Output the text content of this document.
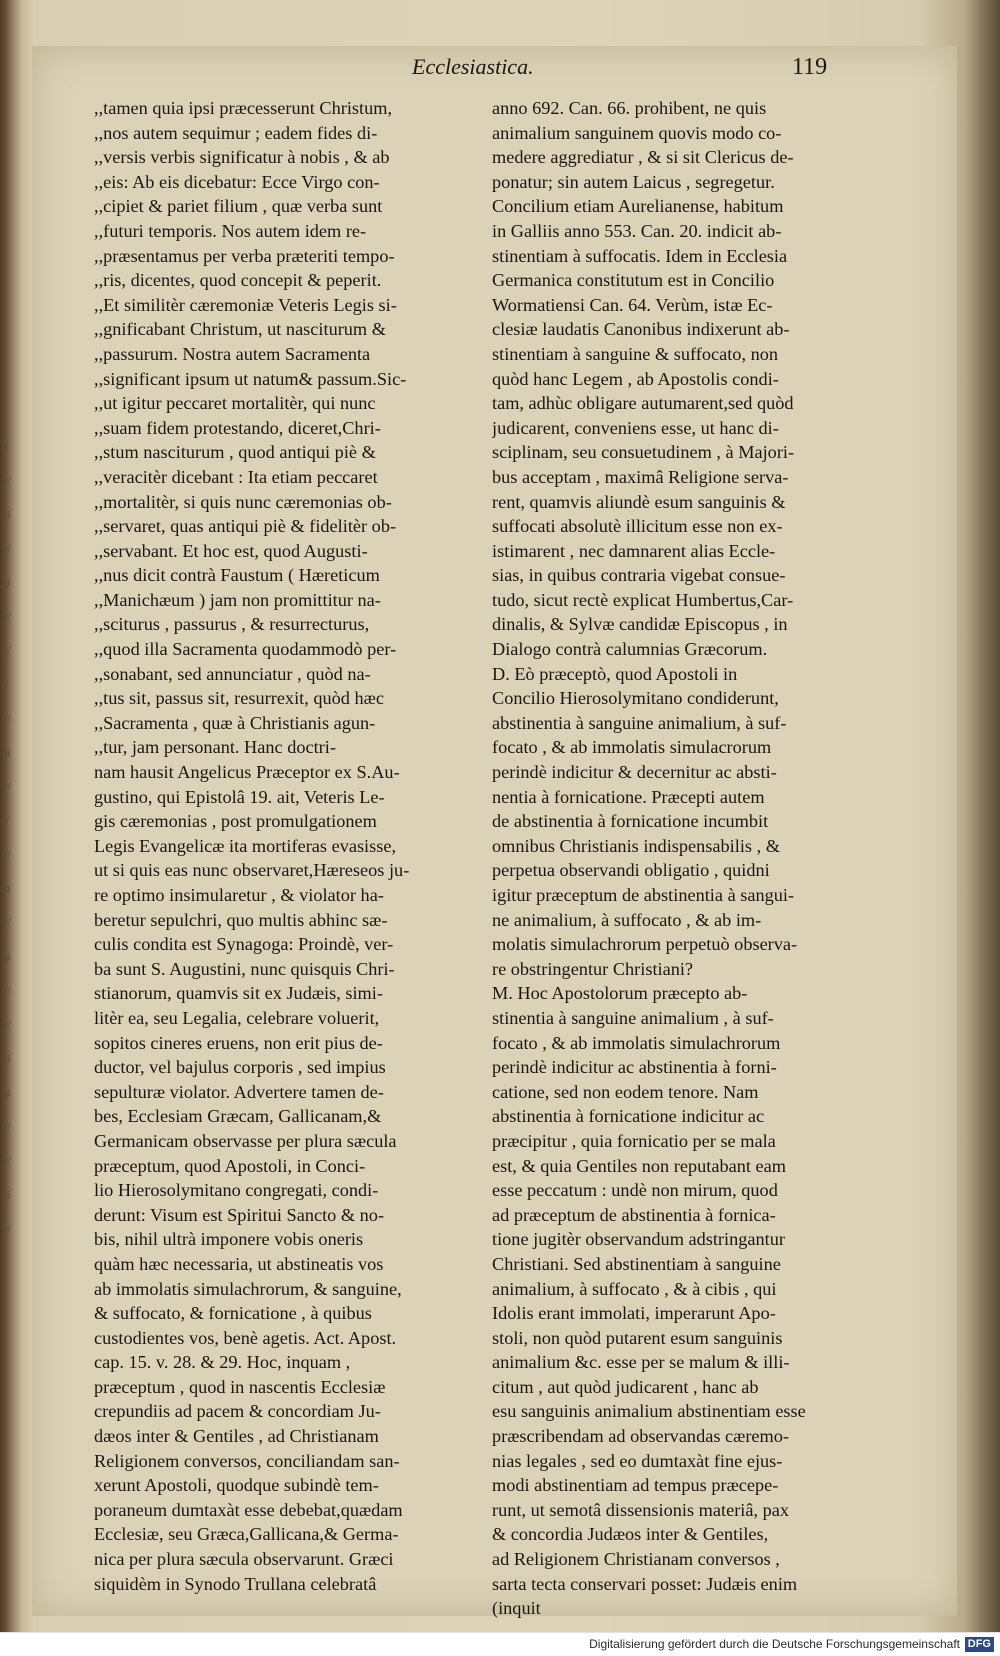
ti y/ gi y/ gi y/ g/ i/ y/ gi y/ f/ y/ zi y/ gi y/ y/ gi gi y/ y/ gi y/
Ecclesiastica.	119
,,tamen quia ipsi præcesserunt Christum,
,,nos autem sequimur ; eadem fides di-
,,versis verbis significatur à nobis , & ab
,,eis: Ab eis dicebatur: Ecce Virgo con-
,,cipiet & pariet filium , quæ verba sunt
,,futuri temporis. Nos autem idem re-
,,præsentamus per verba præteriti tempo-
,,ris, dicentes, quod concepit & peperit.
,,Et similitèr cæremoniæ Veteris Legis si-
,,gnificabant Christum, ut nasciturum &
,,passurum. Nostra autem Sacramenta
,,significant ipsum ut natum& passum.Sic-
,,ut igitur peccaret mortalitèr, qui nunc
,,suam fidem protestando, diceret,Chri-
,,stum nasciturum , quod antiqui piè &
,,veracitèr dicebant : Ita etiam peccaret
,,mortalitèr, si quis nunc cæremonias ob-
,,servaret, quas antiqui piè & fidelitèr ob-
,,servabant. Et hoc est, quod Augusti-
,,nus dicit contrà Faustum ( Hæreticum
,,Manichæum ) jam non promittitur na-
,,sciturus , passurus , & resurrecturus,
,,quod illa Sacramenta quodammodò per-
,,sonabant, sed annunciatur , quòd na-
,,tus sit, passus sit, resurrexit, quòd hæc
,,Sacramenta , quæ à Christianis agun-
,,tur, jam personant. Hanc doctri-
nam hausit Angelicus Præceptor ex S.Au-
gustino, qui Epistolâ 19. ait, Veteris Le-
gis cæremonias , post promulgationem
Legis Evangelicæ ita mortiferas evasisse,
ut si quis eas nunc observaret,Hæreseos ju-
re optimo insimularetur , & violator ha-
beretur sepulchri, quo multis abhinc sæ-
culis condita est Synagoga: Proindè, ver-
ba sunt S. Augustini, nunc quisquis Chri-
stianorum, quamvis sit ex Judæis, simi-
litèr ea, seu Legalia, celebrare voluerit,
sopitos cineres eruens, non erit pius de-
ductor, vel bajulus corporis , sed impius
sepulturæ violator. Advertere tamen de-
bes, Ecclesiam Græcam, Gallicanam,&
Germanicam observasse per plura sæcula
præceptum, quod Apostoli, in Conci-
lio Hierosolymitano congregati, condi-
derunt: Visum est Spiritui Sancto & no-
bis, nihil ultrà imponere vobis oneris
quàm hæc necessaria, ut abstineatis vos
ab immolatis simulachrorum, & sanguine,
& suffocato, & fornicatione , à quibus
custodientes vos, benè agetis. Act. Apost.
cap. 15. v. 28. & 29. Hoc, inquam ,
præceptum , quod in nascentis Ecclesiæ
crepundiis ad pacem & concordiam Ju-
dæos inter & Gentiles , ad Christianam
Religionem conversos, conciliandam san-
xerunt Apostoli, quodque subindè tem-
poraneum dumtaxàt esse debebat,quædam
Ecclesiæ, seu Græca,Gallicana,& Germa-
nica per plura sæcula observarunt. Græci
siquidèm in Synodo Trullana celebratâ
anno 692. Can. 66. prohibent, ne quis
animalium sanguinem quovis modo co-
medere aggrediatur , & si sit Clericus de-
ponatur; sin autem Laicus , segregetur.
Concilium etiam Aurelianense, habitum
in Galliis anno 553. Can. 20. indicit ab-
stinentiam à suffocatis. Idem in Ecclesia
Germanica constitutum est in Concilio
Wormatiensi Can. 64. Verùm, istæ Ec-
clesiæ laudatis Canonibus indixerunt ab-
stinentiam à sanguine & suffocato, non
quòd hanc Legem , ab Apostolis condi-
tam, adhùc obligare autumarent,sed quòd
judicarent, conveniens esse, ut hanc di-
sciplinam, seu consuetudinem , à Majori-
bus acceptam , maximâ Religione serva-
rent, quamvis aliundè esum sanguinis &
suffocati absolutè illicitum esse non ex-
istimarent , nec damnarent alias Eccle-
sias, in quibus contraria vigebat consue-
tudo, sicut rectè explicat Humbertus,Car-
dinalis, & Sylvæ candidæ Episcopus , in
Dialogo contrà calumnias Græcorum.
D. Eò præceptò, quod Apostoli in
Concilio Hierosolymitano condiderunt,
abstinentia à sanguine animalium, à suf-
focato , & ab immolatis simulacrorum
perindè indicitur & decernitur ac absti-
nentia à fornicatione. Præcepti autem
de abstinentia à fornicatione incumbit
omnibus Christianis indispensabilis , &
perpetua observandi obligatio , quidni
igitur præceptum de abstinentia à sangui-
ne animalium, à suffocato , & ab im-
molatis simulachrorum perpetuò observa-
re obstringentur Christiani?
M. Hoc Apostolorum præcepto ab-
stinentia à sanguine animalium , à suf-
focato , & ab immolatis simulachrorum
perindè indicitur ac abstinentia à forni-
catione, sed non eodem tenore. Nam
abstinentia à fornicatione indicitur ac
præcipitur , quia fornicatio per se mala
est, & quia Gentiles non reputabant eam
esse peccatum : undè non mirum, quod
ad præceptum de abstinentia à fornica-
tione jugitèr observandum adstringantur
Christiani. Sed abstinentiam à sanguine
animalium, à suffocato , & à cibis , qui
Idolis erant immolati, imperarunt Apo-
stoli, non quòd putarent esum sanguinis
animalium &c. esse per se malum & illi-
citum , aut quòd judicarent , hanc ab
esu sanguinis animalium abstinentiam esse
præscribendam ad observandas cæremo-
nias legales , sed eo dumtaxàt fine ejus-
modi abstinentiam ad tempus præcepe-
runt, ut semotâ dissensionis materiâ, pax
& concordia Judæos inter & Gentiles,
ad Religionem Christianam conversos ,
sarta tecta conservari posset: Judæis enim
(inquit
Digitalisierung gefördert durch die Deutsche Forschungsgemeinschaft DFG
